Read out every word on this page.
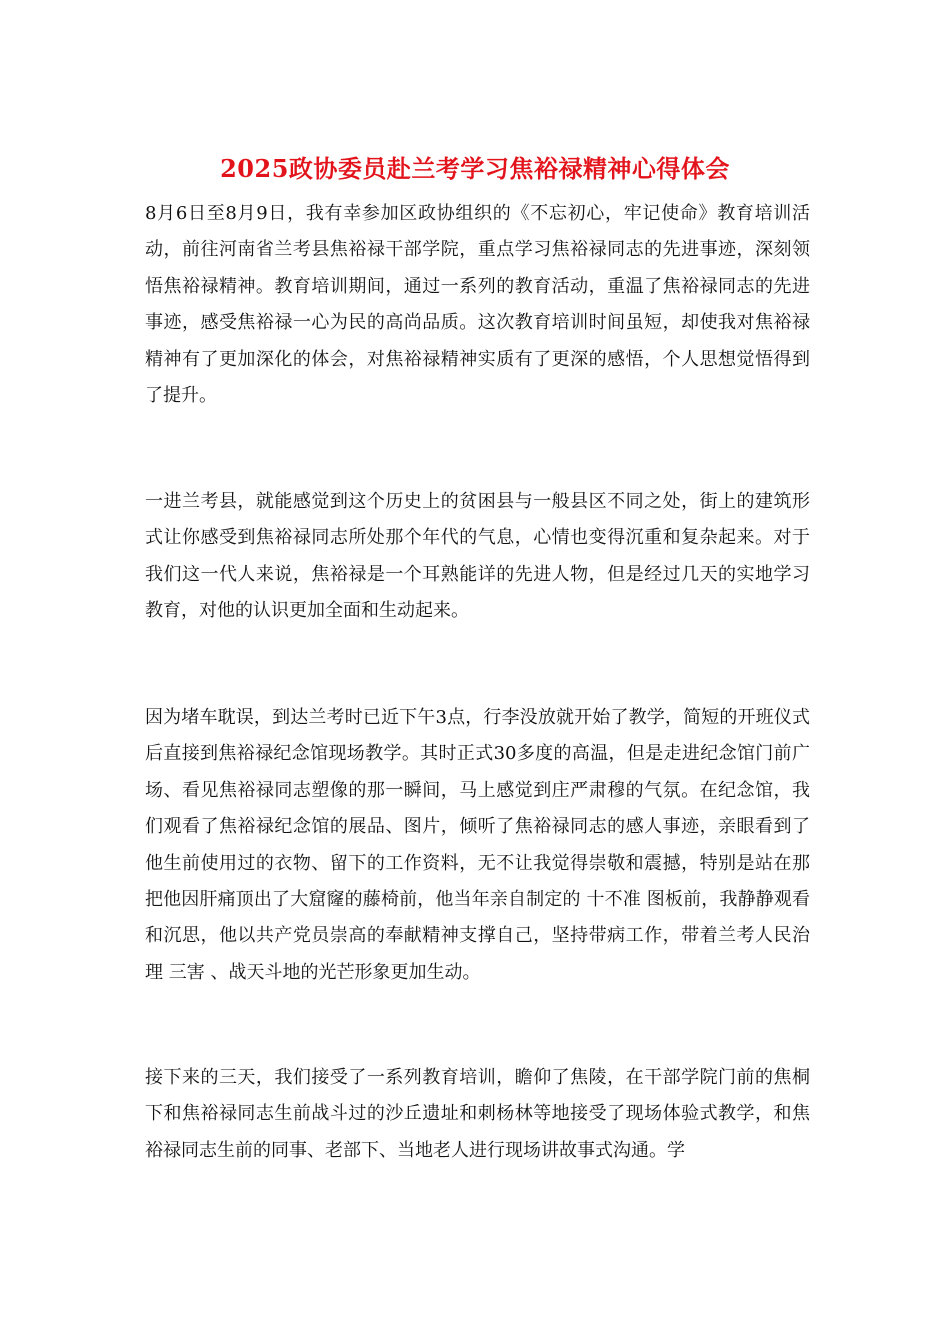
2025政协委员赴兰考学习焦裕禄精神心得体会

8月6日至8月9日，我有幸参加区政协组织的《不忘初心，牢记使命》教育培训活动，前往河南省兰考县焦裕禄干部学院，重点学习焦裕禄同志的先进事迹，深刻领悟焦裕禄精神。教育培训期间，通过一系列的教育活动，重温了焦裕禄同志的先进事迹，感受焦裕禄一心为民的高尚品质。这次教育培训时间虽短，却使我对焦裕禄精神有了更加深化的体会，对焦裕禄精神实质有了更深的感悟，个人思想觉悟得到了提升。

一进兰考县，就能感觉到这个历史上的贫困县与一般县区不同之处，街上的建筑形式让你感受到焦裕禄同志所处那个年代的气息，心情也变得沉重和复杂起来。对于我们这一代人来说，焦裕禄是一个耳熟能详的先进人物，但是经过几天的实地学习教育，对他的认识更加全面和生动起来。

因为堵车耽误，到达兰考时已近下午3点，行李没放就开始了教学，简短的开班仪式后直接到焦裕禄纪念馆现场教学。其时正式30多度的高温，但是走进纪念馆门前广场、看见焦裕禄同志塑像的那一瞬间，马上感觉到庄严肃穆的气氛。在纪念馆，我们观看了焦裕禄纪念馆的展品、图片，倾听了焦裕禄同志的感人事迹，亲眼看到了他生前使用过的衣物、留下的工作资料，无不让我觉得崇敬和震撼，特别是站在那把他因肝痛顶出了大窟窿的藤椅前，他当年亲自制定的 十不准 图板前，我静静观看和沉思，他以共产党员崇高的奉献精神支撑自己，坚持带病工作，带着兰考人民治理 三害 、战天斗地的光芒形象更加生动。

接下来的三天，我们接受了一系列教育培训，瞻仰了焦陵，在干部学院门前的焦桐下和焦裕禄同志生前战斗过的沙丘遗址和刺杨林等地接受了现场体验式教学，和焦裕禄同志生前的同事、老部下、当地老人进行现场讲故事式沟通。学
